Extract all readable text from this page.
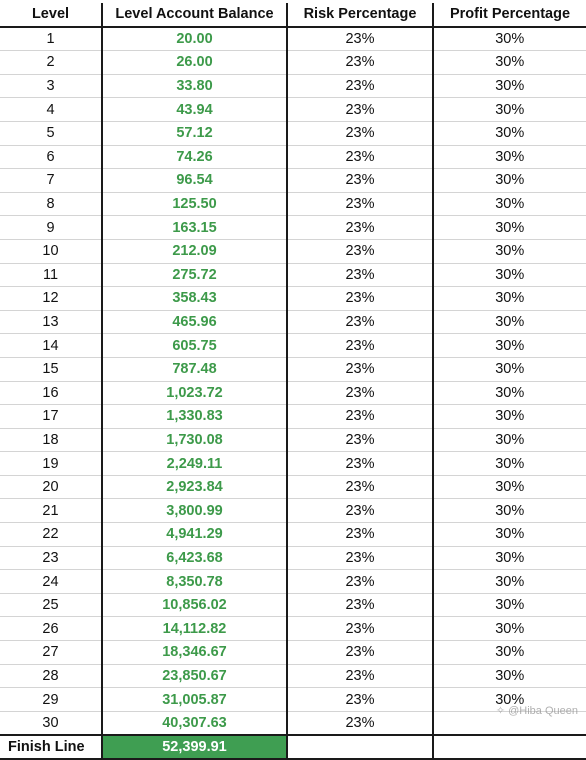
Level	Level Account Balance	Risk Percentage	Profit Percentage
1	20.00	23%	30%
2	26.00	23%	30%
3	33.80	23%	30%
4	43.94	23%	30%
5	57.12	23%	30%
6	74.26	23%	30%
7	96.54	23%	30%
8	125.50	23%	30%
9	163.15	23%	30%
10	212.09	23%	30%
11	275.72	23%	30%
12	358.43	23%	30%
13	465.96	23%	30%
14	605.75	23%	30%
15	787.48	23%	30%
16	1,023.72	23%	30%
17	1,330.83	23%	30%
18	1,730.08	23%	30%
19	2,249.11	23%	30%
20	2,923.84	23%	30%
21	3,800.99	23%	30%
22	4,941.29	23%	30%
23	6,423.68	23%	30%
24	8,350.78	23%	30%
25	10,856.02	23%	30%
26	14,112.82	23%	30%
27	18,346.67	23%	30%
28	23,850.67	23%	30%
29	31,005.87	23%	30%
30	40,307.63	23%	
Finish Line	52,399.91		
✧ @Hiba Queen
